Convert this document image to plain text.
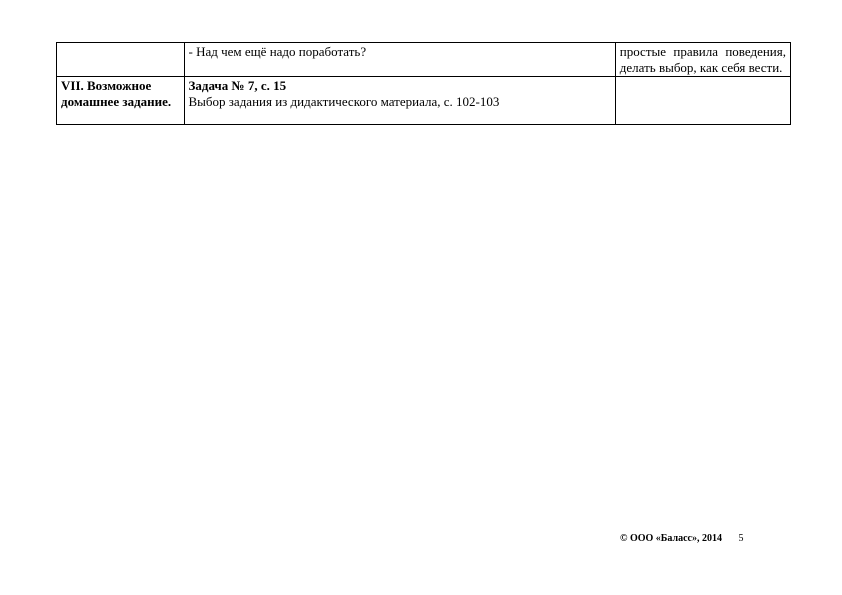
	- Над чем ещё надо поработать?	простые правила поведения, делать выбор, как себя вести.
VII. Возможное домашнее задание.	Задача № 7, с. 15
Выбор задания из дидактического материала, с. 102-103	

© ООО «Баласс», 2014 5
